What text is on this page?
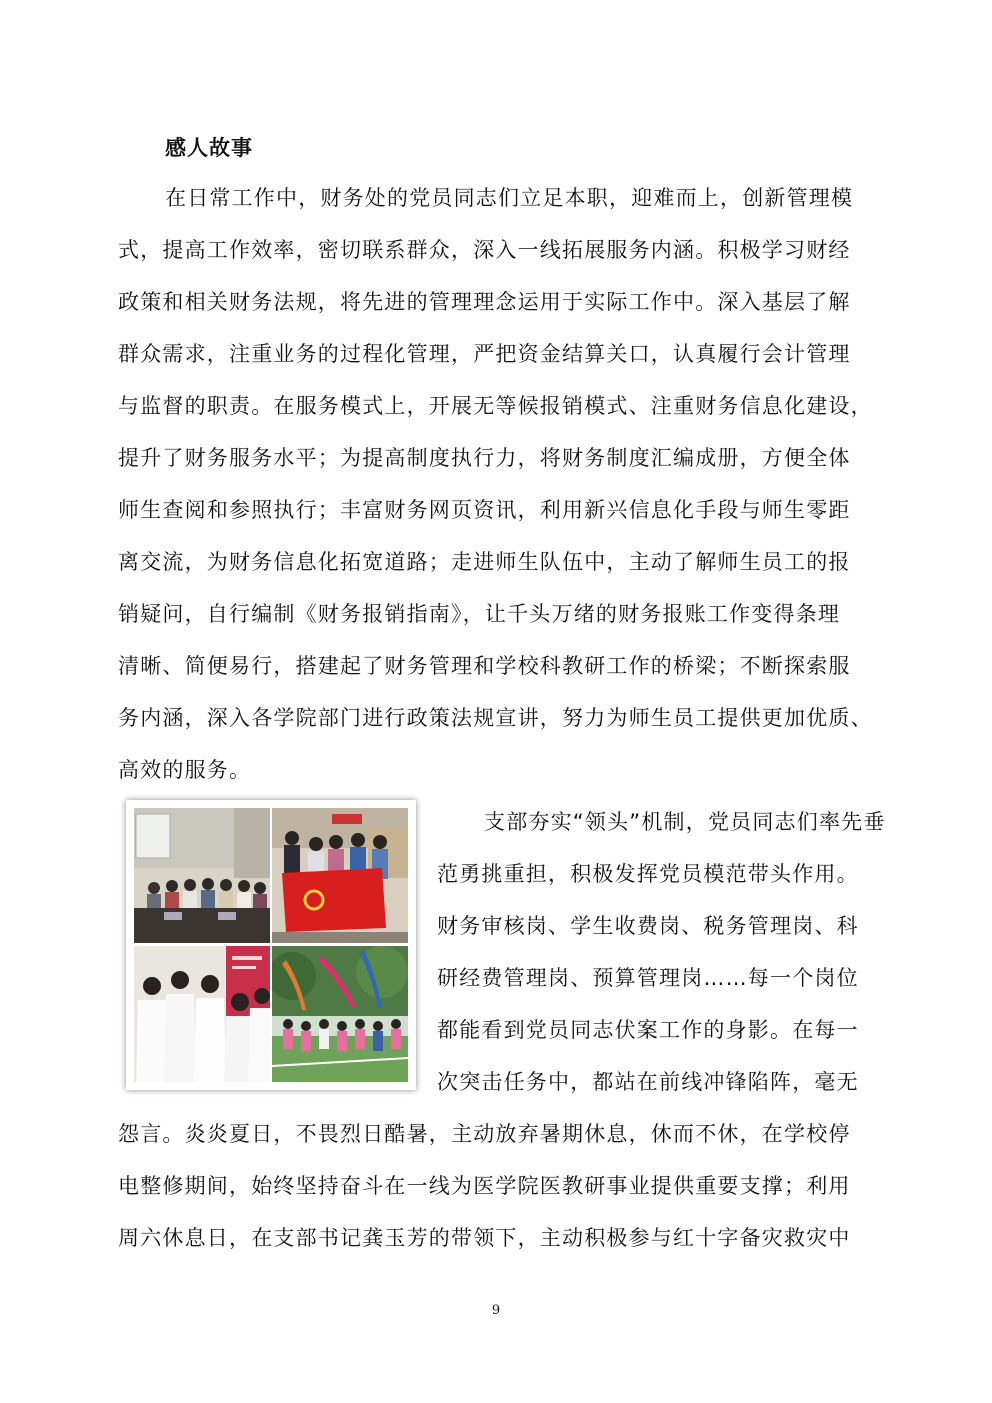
感人故事
在日常工作中，财务处的党员同志们立足本职，迎难而上，创新管理模
式，提高工作效率，密切联系群众，深入一线拓展服务内涵。积极学习财经
政策和相关财务法规，将先进的管理理念运用于实际工作中。深入基层了解
群众需求，注重业务的过程化管理，严把资金结算关口，认真履行会计管理
与监督的职责。在服务模式上，开展无等候报销模式、注重财务信息化建设，
提升了财务服务水平；为提高制度执行力，将财务制度汇编成册，方便全体
师生查阅和参照执行；丰富财务网页资讯，利用新兴信息化手段与师生零距
离交流，为财务信息化拓宽道路；走进师生队伍中，主动了解师生员工的报
销疑问，自行编制《财务报销指南》，让千头万绪的财务报账工作变得条理
清晰、简便易行，搭建起了财务管理和学校科教研工作的桥梁；不断探索服
务内涵，深入各学院部门进行政策法规宣讲，努力为师生员工提供更加优质、
高效的服务。
支部夯实“领头”机制，党员同志们率先垂
范勇挑重担，积极发挥党员模范带头作用。
财务审核岗、学生收费岗、税务管理岗、科
研经费管理岗、预算管理岗……每一个岗位
都能看到党员同志伏案工作的身影。在每一
次突击任务中，都站在前线冲锋陷阵，毫无
怨言。炎炎夏日，不畏烈日酷暑，主动放弃暑期休息，休而不休，在学校停
电整修期间，始终坚持奋斗在一线为医学院医教研事业提供重要支撑；利用
周六休息日，在支部书记龚玉芳的带领下，主动积极参与红十字备灾救灾中
9
